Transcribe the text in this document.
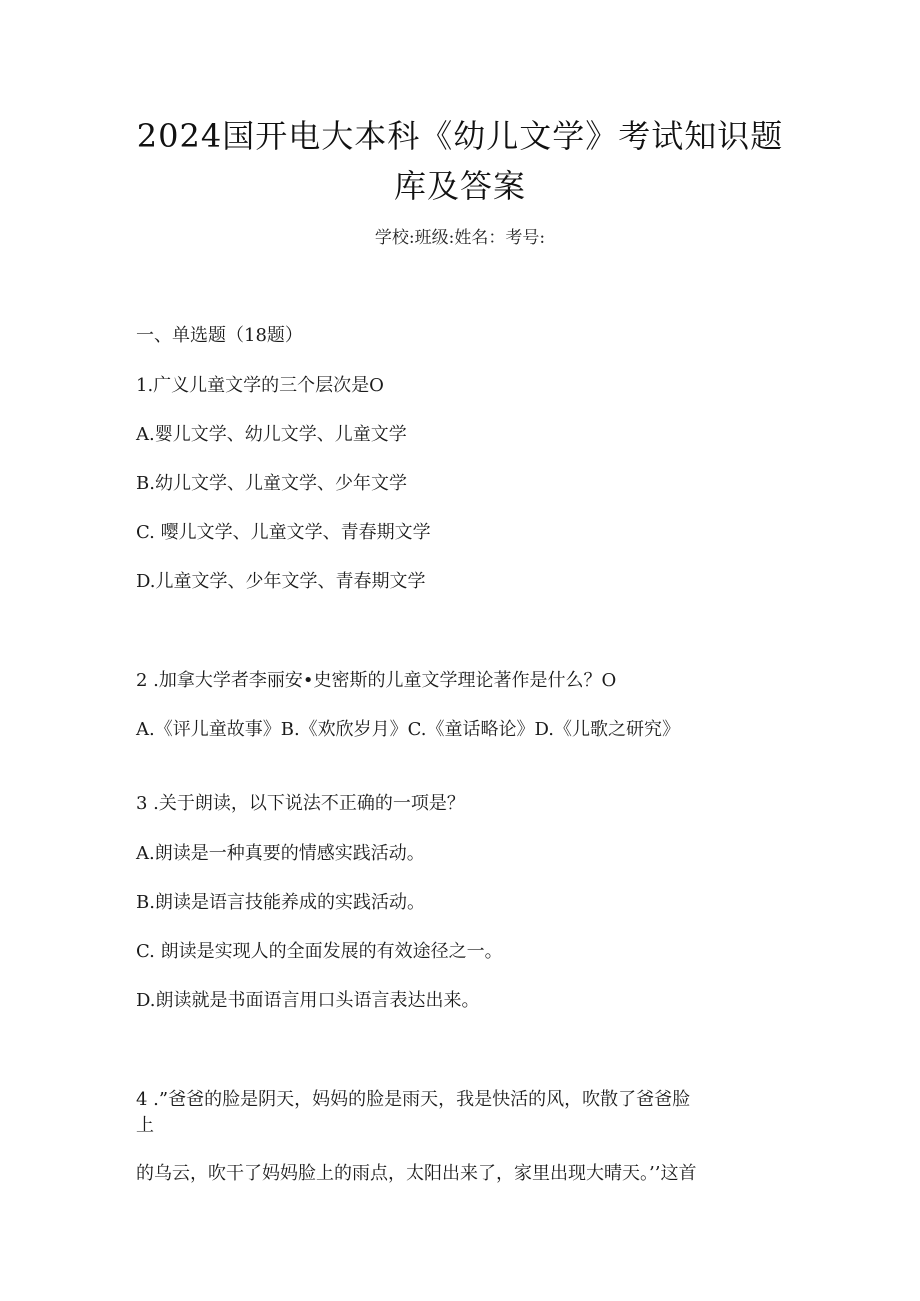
2024国开电大本科《幼儿文学》考试知识题
库及答案
学校:班级:姓名：考号:
一、单选题（18题）
1.广义儿童文学的三个层次是O
A.婴儿文学、幼儿文学、儿童文学
B.幼儿文学、儿童文学、少年文学
C. 嘤儿文学、儿童文学、青春期文学
D.儿童文学、少年文学、青春期文学
2 .加拿大学者李丽安•史密斯的儿童文学理论著作是什么？O
A.《评儿童故事》B.《欢欣岁月》C.《童话略论》D.《儿歌之研究》
3 .关于朗读，以下说法不正确的一项是？
A.朗读是一种真要的情感实践活动。
B.朗读是语言技能养成的实践活动。
C. 朗读是实现人的全面发展的有效途径之一。
D.朗读就是书面语言用口头语言表达出来。
4 .”爸爸的脸是阴天，妈妈的脸是雨天，我是快活的风，吹散了爸爸脸
上
的乌云，吹干了妈妈脸上的雨点，太阳出来了，家里出现大晴天。’’这首
